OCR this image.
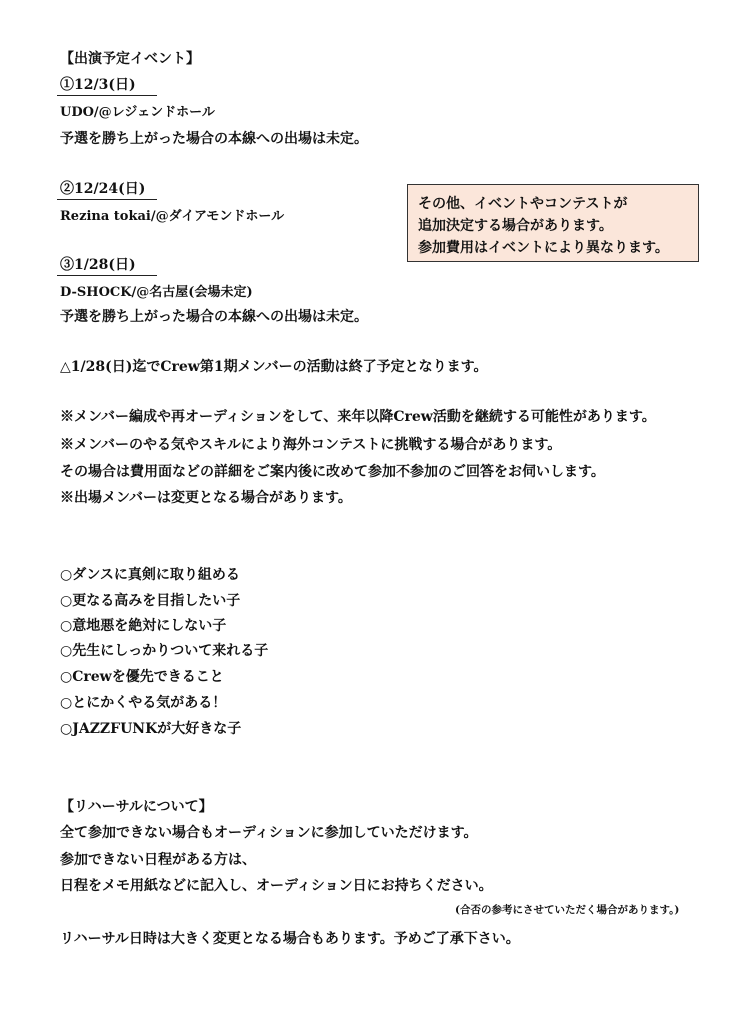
【出演予定イベント】
①12/3(日)
UDO/@レジェンドホール
予選を勝ち上がった場合の本線への出場は未定。
②12/24(日)
Rezina tokai/@ダイアモンドホール
その他、イベントやコンテストが
追加決定する場合があります。
参加費用はイベントにより異なります。
③1/28(日)
D-SHOCK/@名古屋(会場未定)
予選を勝ち上がった場合の本線への出場は未定。
△1/28(日)迄でCrew第1期メンバーの活動は終了予定となります。
※メンバー編成や再オーディションをして、来年以降Crew活動を継続する可能性があります。
※メンバーのやる気やスキルにより海外コンテストに挑戦する場合があります。
その場合は費用面などの詳細をご案内後に改めて参加不参加のご回答をお伺いします。
※出場メンバーは変更となる場合があります。
○ダンスに真剣に取り組める
○更なる高みを目指したい子
○意地悪を絶対にしない子
○先生にしっかりついて来れる子
○Crewを優先できること
○とにかくやる気がある！
○JAZZFUNKが大好きな子
【リハーサルについて】
全て参加できない場合もオーディションに参加していただけます。
参加できない日程がある方は、
日程をメモ用紙などに記入し、オーディション日にお持ちください。
(合否の参考にさせていただく場合があります。)
リハーサル日時は大きく変更となる場合もあります。予めご了承下さい。
